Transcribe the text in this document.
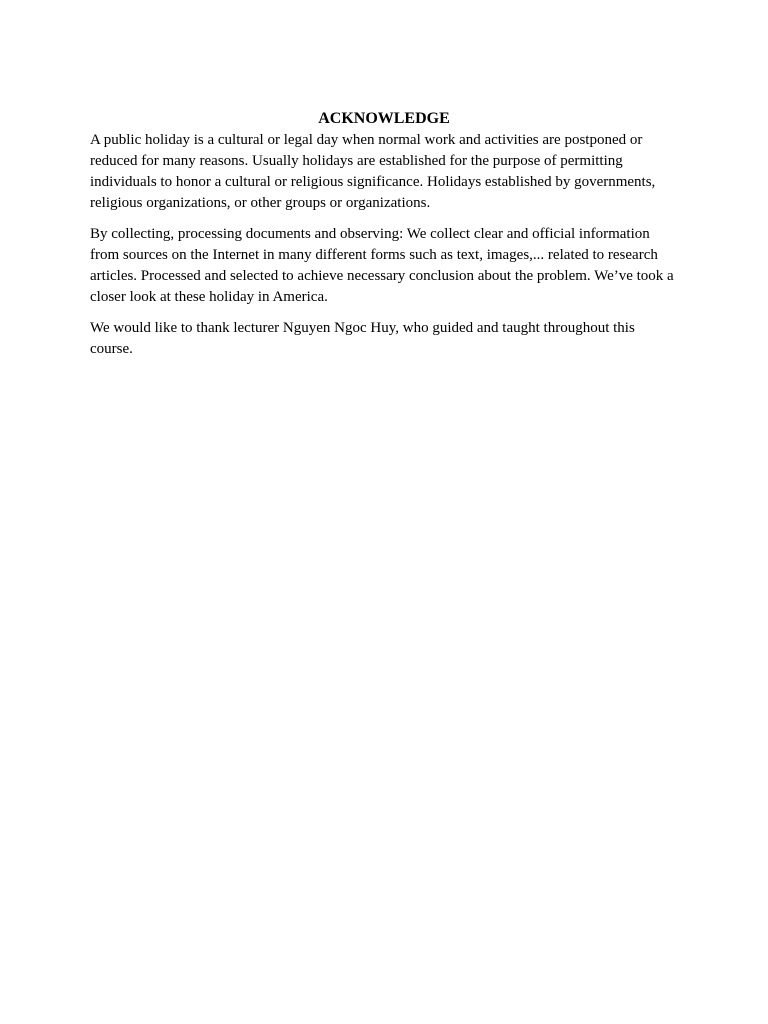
ACKNOWLEDGE

A public holiday is a cultural or legal day when normal work and activities are postponed or reduced for many reasons. Usually holidays are established for the purpose of permitting individuals to honor a cultural or religious significance. Holidays established by governments, religious organizations, or other groups or organizations.

By collecting, processing documents and observing: We collect clear and official information from sources on the Internet in many different forms such as text, images,... related to research articles. Processed and selected to achieve necessary conclusion about the problem. We’ve took a closer look at these holiday in America.

We would like to thank lecturer Nguyen Ngoc Huy, who guided and taught throughout this course.
